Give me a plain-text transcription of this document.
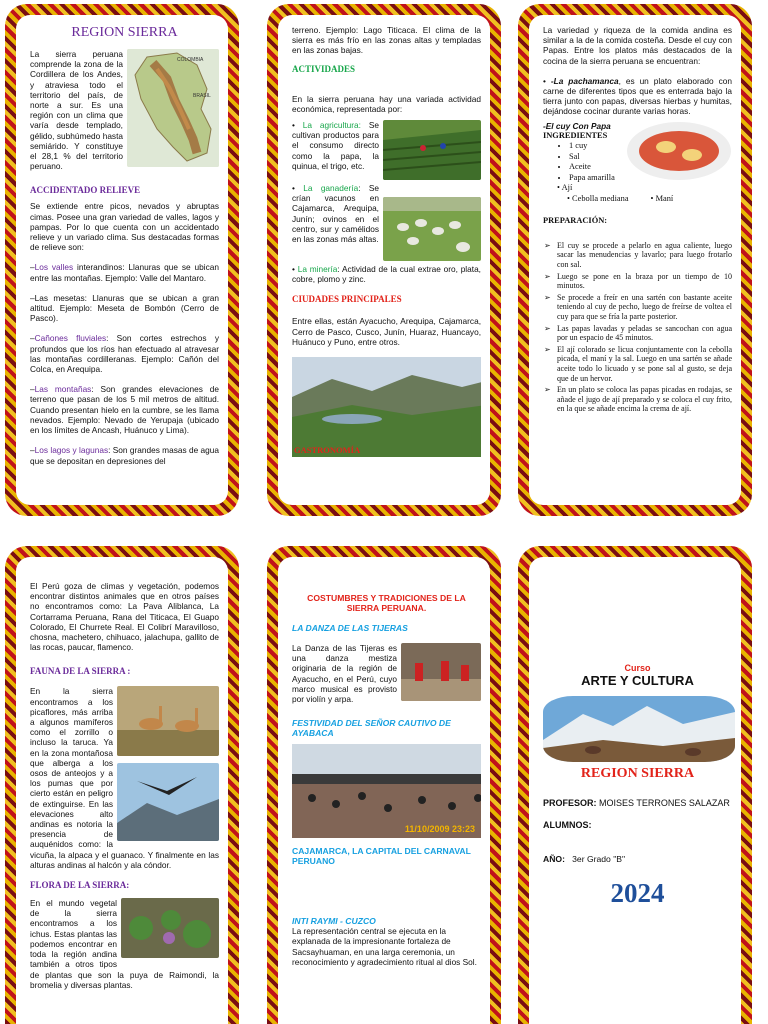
REGION SIERRA
COLOMBIA
BRASIL

La sierra peruana comprende la zona de la Cordillera de los Andes, y atraviesa todo el territorio del país, de norte a sur. Es una región con un clima que varía desde templado, gélido, subhúmedo hasta semiárido. Y constituye el 28,1 % del territorio peruano.

ACCIDENTADO RELIEVE

Se extiende entre picos, nevados y abruptas cimas. Posee una gran variedad de valles, lagos y pampas. Por lo que cuenta con un accidentado relieve y un variado clima. Sus destacadas formas de relieve son:

–Los valles interandinos: Llanuras que se ubican entre las montañas. Ejemplo: Valle del Mantaro.

–Las mesetas: Llanuras que se ubican a gran altitud. Ejemplo: Meseta de Bombón (Cerro de Pasco).

–Cañones fluviales: Son cortes estrechos y profundos que los ríos han efectuado al atravesar las montañas cordilleranas. Ejemplo: Cañón del Colca, en Arequipa.

–Las montañas: Son grandes elevaciones de terreno que pasan de los 5 mil metros de altitud. Cuando presentan hielo en la cumbre, se les llama nevados. Ejemplo: Nevado de Yerupaja (ubicado en los límites de Ancash, Huánuco y Lima).

–Los lagos y lagunas: Son grandes masas de agua que se depositan en depresiones del

terreno. Ejemplo: Lago Titicaca. El clima de la sierra es más frío en las zonas altas y templadas en las zonas bajas.

ACTIVIDADES

En la sierra peruana hay una variada actividad económica, representada por:

• La agricultura: Se cultivan productos para el consumo directo como la papa, la quinua, el trigo, etc.

• La ganadería: Se crían vacunos en Cajamarca, Arequipa, Junín; ovinos en el centro, sur y camélidos en las zonas más altas.

• La minería: Actividad de la cual extrae oro, plata, cobre, plomo y zinc.

CIUDADES PRINCIPALES

Entre ellas, están Ayacucho, Arequipa, Cajamarca, Cerro de Pasco, Cusco, Junín, Huaraz, Huancayo, Huánuco y Puno, entre otros.

GASTRONOMÍA

La variedad y riqueza de la comida andina es similar a la de la comida costeña. Desde el cuy con Papas. Entre los platos más destacados de la cocina de la sierra peruana se encuentran:

• -La pachamanca, es un plato elaborado con carne de diferentes tipos que es enterrada bajo la tierra junto con papas, diversas hierbas y humitas, dejándose cocinar durante varias horas.

-El cuy Con Papa
INGREDIENTES
• 1 cuy
• Sal
• Aceite
• Papa amarilla
• Ají
• Cebolla mediana	• Maní
PREPARACIÓN:
➢ El cuy se procede a pelarlo en agua caliente, luego sacar las menudencias y lavarlo; para luego frotarlo con sal.
➢ Luego se pone en la braza por un tiempo de 10 minutos.
➢ Se procede a freír en una sartén con bastante aceite teniendo al cuy de pecho, luego de freírse de voltea el cuy para que se fría la parte posterior.
➢ Las papas lavadas y peladas se sancochan con agua por un espacio de 45 minutos.
➢ El ají colorado se licua conjuntamente con la cebolla picada, el maní y la sal. Luego en una sartén se añade aceite todo lo licuado y se pone sal al gusto, se deja que de un hervor.
➢ En un plato se coloca las papas picadas en rodajas, se añade el jugo de ají preparado y se coloca el cuy frito, en la que se añade encima la crema de ají.

El Perú goza de climas y vegetación, podemos encontrar distintos animales que en otros países no encontramos como: La Pava Aliblanca, La Cortarrama Peruana, Rana del Titicaca, El Guapo Colorado, El Churrete Real. El Colibrí Maravilloso, chosna, machetero, chihuaco, jalachupa, gallito de las rocas, paucar, flamenco.

FAUNA DE LA SIERRA :

En la sierra encontramos a los picaflores, más arriba a algunos mamíferos como el zorrillo o incluso la taruca. Ya en la zona montañosa que alberga a los osos de anteojos y a los pumas que por cierto están en peligro de extinguirse. En las elevaciones alto andinas es notoria la presencia de auquénidos como: la vicuña, la alpaca y el guanaco. Y finalmente en las alturas andinas al halcón y ala cóndor.

FLORA DE LA SIERRA:

En el mundo vegetal de la sierra encontramos a los ichus. Estas plantas las podemos encontrar en toda la región andina también a otros tipos de plantas que son la puya de Raimondi, la bromelia y diversas plantas.

COSTUMBRES Y TRADICIONES DE LA SIERRA PERUANA.
LA DANZA DE LAS TIJERAS

La Danza de las Tijeras es una danza mestiza originaria de la región de Ayacucho, en el Perú, cuyo marco musical es provisto por violín y arpa.

FESTIVIDAD DEL SEÑOR CAUTIVO DE AYABACA
11/10/2009 23:23
CAJAMARCA, LA CAPITAL DEL CARNAVAL PERUANO
INTI RAYMI - CUZCO

La representación central se ejecuta en la explanada de la impresionante fortaleza de Sacsayhuaman, en una larga ceremonia, un reconocimiento y agradecimiento ritual al dios Sol.

Curso
ARTE Y CULTURA
REGION SIERRA
PROFESOR: MOISES TERRONES SALAZAR
ALUMNOS:
AÑO: 3er Grado "B"
2024
